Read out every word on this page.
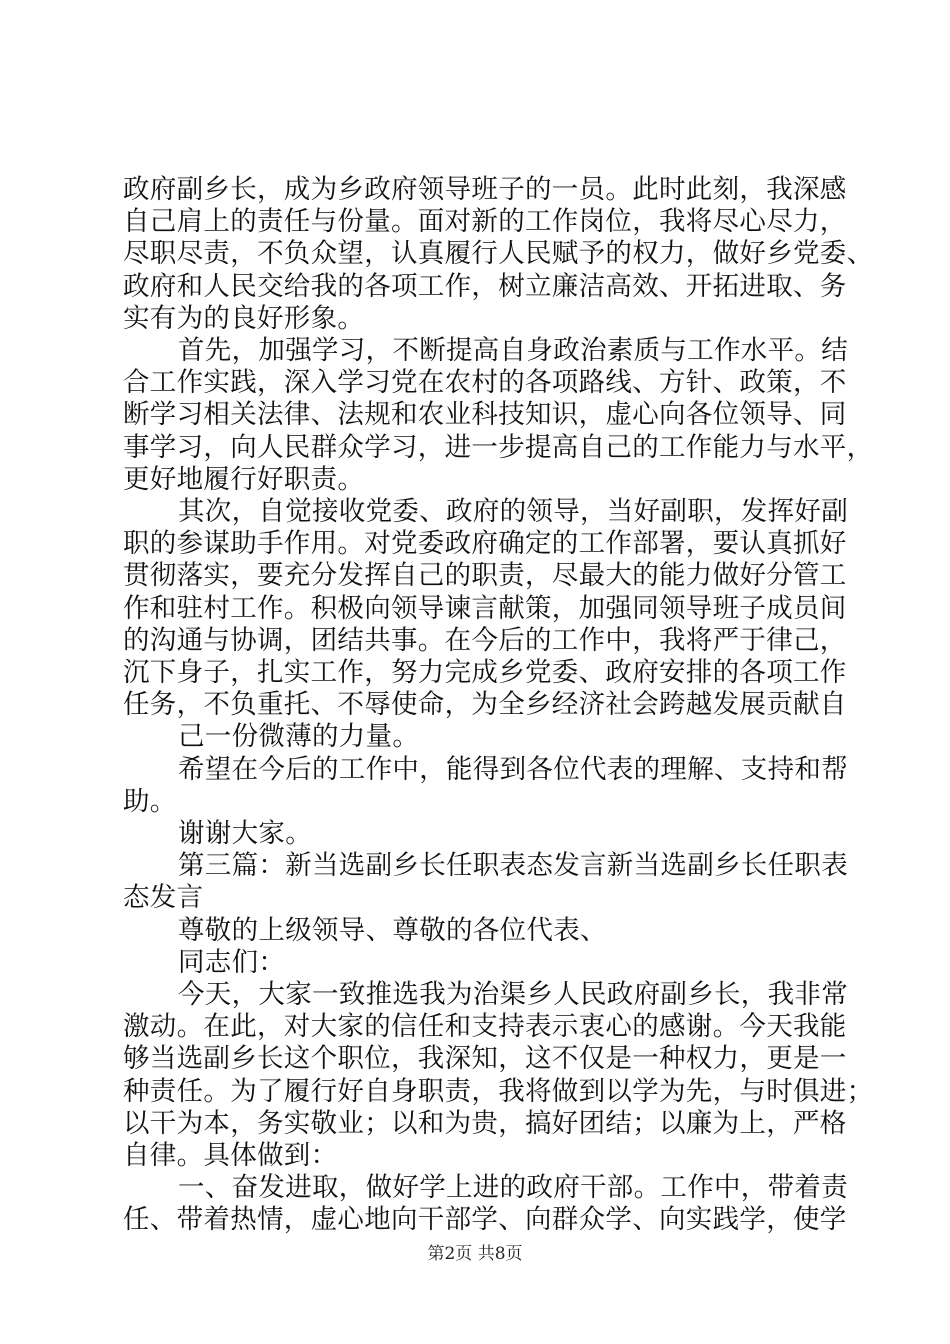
政府副乡长，成为乡政府领导班子的一员。此时此刻，我深感
自己肩上的责任与份量。面对新的工作岗位，我将尽心尽力，
尽职尽责，不负众望，认真履行人民赋予的权力，做好乡党委、
政府和人民交给我的各项工作，树立廉洁高效、开拓进取、务
实有为的良好形象。
首先，加强学习，不断提高自身政治素质与工作水平。结
合工作实践，深入学习党在农村的各项路线、方针、政策，不
断学习相关法律、法规和农业科技知识，虚心向各位领导、同
事学习，向人民群众学习，进一步提高自己的工作能力与水平，
更好地履行好职责。
其次，自觉接收党委、政府的领导，当好副职，发挥好副
职的参谋助手作用。对党委政府确定的工作部署，要认真抓好
贯彻落实，要充分发挥自己的职责，尽最大的能力做好分管工
作和驻村工作。积极向领导谏言献策，加强同领导班子成员间
的沟通与协调，团结共事。在今后的工作中，我将严于律己，
沉下身子，扎实工作，努力完成乡党委、政府安排的各项工作
任务，不负重托、不辱使命，为全乡经济社会跨越发展贡献自
己一份微薄的力量。
希望在今后的工作中，能得到各位代表的理解、支持和帮
助。
谢谢大家。
第三篇：新当选副乡长任职表态发言新当选副乡长任职表
态发言
尊敬的上级领导、尊敬的各位代表、
同志们：
今天，大家一致推选我为治渠乡人民政府副乡长，我非常
激动。在此，对大家的信任和支持表示衷心的感谢。今天我能
够当选副乡长这个职位，我深知，这不仅是一种权力，更是一
种责任。为了履行好自身职责，我将做到以学为先，与时俱进；
以干为本，务实敬业；以和为贵，搞好团结；以廉为上，严格
自律。具体做到：
一、奋发进取，做好学上进的政府干部。工作中，带着责
任、带着热情，虚心地向干部学、向群众学、向实践学，使学
第2页 共8页
